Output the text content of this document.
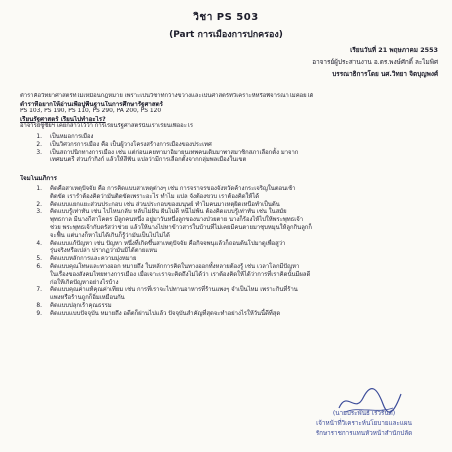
วิชา PS 503
(Part การเมืองการปกครอง)
เรียนวันที่ 21 พฤษภาคม 2553
อาจารย์ผู้ประสานงาน อ.ดร.พงษ์ศักดิ์ ละไมพิศ
บรรณาธิการโดย นศ.วิทยา จิตบุญพงศ์
ตำราคือวิทยาศาสตร์ที่ไม่เหมือนกฎหมาย เพราะเป็นวิชาที่กว้างขวางและเป็นศาสตร์ที่วิเคราะห์หรือพิจารณาไม่ค่อยได้
ตำราที่อยากให้อ่านเพื่อปูพื้นฐานในการศึกษารัฐศาสตร์
PS 103, PS 190, PS 110, PS 290, PA 200, PS 120
เรียนรัฐศาสตร์ เรียนไปทำอะไร?
อาจารย์ชูชัยฯ เคยกล่าวไว้ว่า การเรียนรัฐศาสตร์นั้นเราเรียนเพื่ออะไร
1.	เป็นหมอการเมือง
2.	เป็นวิศวกรการเมือง คือ เป็นผู้วางโครงสร้างการเมืองของประเทศ
3.	เป็นสถาปนิกทางการเมือง เช่น แต่ก่อนเคยทามาอิมายนเทพคนเดิมมาพาสมาชิกสภาเลือกตั้ง มาจาก
เทศมนตรี ส่วนกำกิงก์ แล้วให้สีฟัน แปลว่ามีการเลือกตั้งจากกลุ่มพลเมืองในเขต
ใจมโนมภิการ
1.	คิดคือสาเหตุปัจจัย คือ การคิดแบบสาเหตุต่างๆ เช่น การจราจรของจังหวัดค้างกระเจริญในตอนเช้า
ติดขัด เรารำต้องคิดว่ามันติดขัดเพราะอะไร ทำไม แปล จังต้องขวบ เราต้องคิดให้ได้
2.	คิดแบบแยกแยะส่วนประกอบ เช่น ส่วนประกอบของมนุษย์ ทำไมคนมาเหตุผิดเหนือทำเป็นต้น
3.	คิดแบบรู้เท่าทัน เช่น ไปไหนกลับ หลับไม่ฝัน ฝันไม่ดี หนีไม่พ้น ต้องคิดแบบรู้เท่าทัน เช่น ในสมัย
พุทธกาล มีนางกีสาโคตร มีลูกคนหนึ่ง อยู่มาวันหนึ่งลูกของนางป่วยตาย นางก็ร้องไห้ไปให้พระพุทธเจ้า
ช่วย พระพุทธเจ้ากับตรัสว่าช่วย แล้วให้นางไปหาข้าวสารในบ้านที่ไม่เคยมีคนตายมาชุบหมุนให้ลูกกินลูกก็
จะฟื้น แต่นางก็หาไม่ได้เกินก็รู้ว่ามันเป็นไปไม่ได้
4.	คิดแบบแก้ปัญหา เช่น ปัญหา หนึ่งที่เกิดขึ้นสาเหตุปัจจัย คือกิจจพนุแล้วก็ถอนต้นโปมาดูเพื่อสูว่า
รุ่นจริงหรือเปล่า ปรากฏว่ามันมิได้ตายแหน
5.	คิดแบบหลักการและความมุ่งหมาย
6.	คิดแบบคุณโทษและทางออก หมายถึง ในหลักการคิดในทางออกทั้งหลายต้องรู้ เช่น เวลาโลกมีปัญหา
ในเรื่องของสังคมไทยทางการเมือง เมื่อเจาะเราจะคิดถึงไม่ได้ว่า เราต้องคิดให้ได้ว่าการที่เราคิดนั้นมีผลดี
ก่อให้เกิดปัญหาอย่างไรบ้าง
7.	คิดแบบคุณค่าแท้คุณค่าเทียม เช่น การที่เราจะไปทานอาหารที่ร้านแพงๆ จำเป็นไหม เพราะกินที่ร้าน
แพงหรือร้านถูกก็อิ่มเหมือนกัน
8.	คิดแบบปลุกเร้าคุณธรรม
9.	คิดแบบแบบปัจจุบัน หมายถึง อดีตก็ผ่านไปแล้ว ปัจจุบันสำคัญที่สุดจะทำอย่างไรให้วันนี้ดีที่สุด
(นายประพันธ์ เรวรันต์)
เจ้าหน้าที่วิเคราะห์นโยบายและแผน
รักษาราชการแทนหัวหน้าสำนักปลัด
